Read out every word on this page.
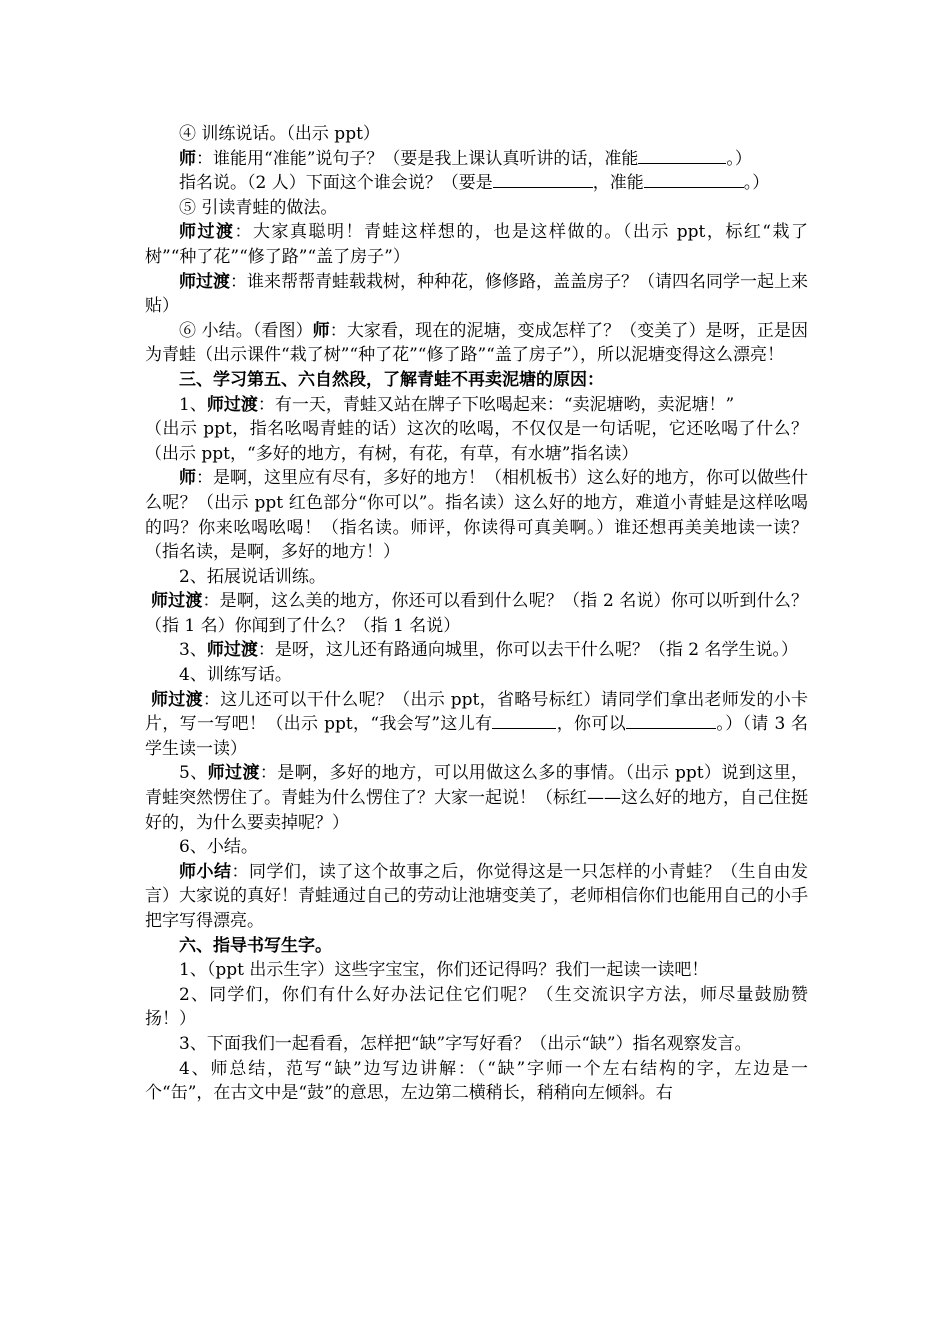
④ 训练说话。（出示 ppt）

师：谁能用“准能”说句子？（要是我上课认真听讲的话，准能	。）

指名说。（2 人）下面这个谁会说？（要是	，准能	。）

⑤ 引读青蛙的做法。

师过渡：大家真聪明！青蛙这样想的，也是这样做的。（出示 ppt，标红“栽了树”“种了花”“修了路”“盖了房子”）

师过渡：谁来帮帮青蛙载栽树，种种花，修修路，盖盖房子？（请四名同学一起上来贴）

⑥ 小结。（看图）师：大家看，现在的泥塘，变成怎样了？（变美了）是呀，正是因为青蛙（出示课件“栽了树”“种了花”“修了路”“盖了房子”），所以泥塘变得这么漂亮！

三、学习第五、六自然段，了解青蛙不再卖泥塘的原因：

1、师过渡：有一天，青蛙又站在牌子下吆喝起来：“卖泥塘哟，卖泥塘！”

（出示 ppt，指名吆喝青蛙的话）这次的吆喝，不仅仅是一句话呢，它还吆喝了什么？（出示 ppt，“多好的地方，有树，有花，有草，有水塘”指名读）

师：是啊，这里应有尽有，多好的地方！（相机板书）这么好的地方，你可以做些什么呢？（出示 ppt 红色部分“你可以”。指名读）这么好的地方，难道小青蛙是这样吆喝的吗？你来吆喝吆喝！（指名读。师评，你读得可真美啊。）谁还想再美美地读一读？（指名读，是啊，多好的地方！）

2、拓展说话训练。

师过渡：是啊，这么美的地方，你还可以看到什么呢？（指 2 名说）你可以听到什么？（指 1 名）你闻到了什么？（指 1 名说）

3、师过渡：是呀，这儿还有路通向城里，你可以去干什么呢？（指 2 名学生说。）

4、训练写话。

师过渡：这儿还可以干什么呢？（出示 ppt，省略号标红）请同学们拿出老师发的小卡片，写一写吧！（出示 ppt，“我会写”这儿有	，你可以	。）（请 3 名学生读一读）

5、师过渡：是啊，多好的地方，可以用做这么多的事情。（出示 ppt）说到这里，青蛙突然愣住了。青蛙为什么愣住了？大家一起说！（标红——这么好的地方，自己住挺好的，为什么要卖掉呢？）

6、小结。

师小结：同学们，读了这个故事之后，你觉得这是一只怎样的小青蛙？（生自由发言）大家说的真好！青蛙通过自己的劳动让池塘变美了，老师相信你们也能用自己的小手把字写得漂亮。

六、指导书写生字。

1、（ppt 出示生字）这些字宝宝，你们还记得吗？我们一起读一读吧！

2、同学们，你们有什么好办法记住它们呢？（生交流识字方法，师尽量鼓励赞扬！）

3、下面我们一起看看，怎样把“缺”字写好看？（出示“缺”）指名观察发言。

4、师总结，范写“缺”边写边讲解：（“缺”字师一个左右结构的字，左边是一个“缶”，在古文中是“鼓”的意思，左边第二横稍长，稍稍向左倾斜。右
